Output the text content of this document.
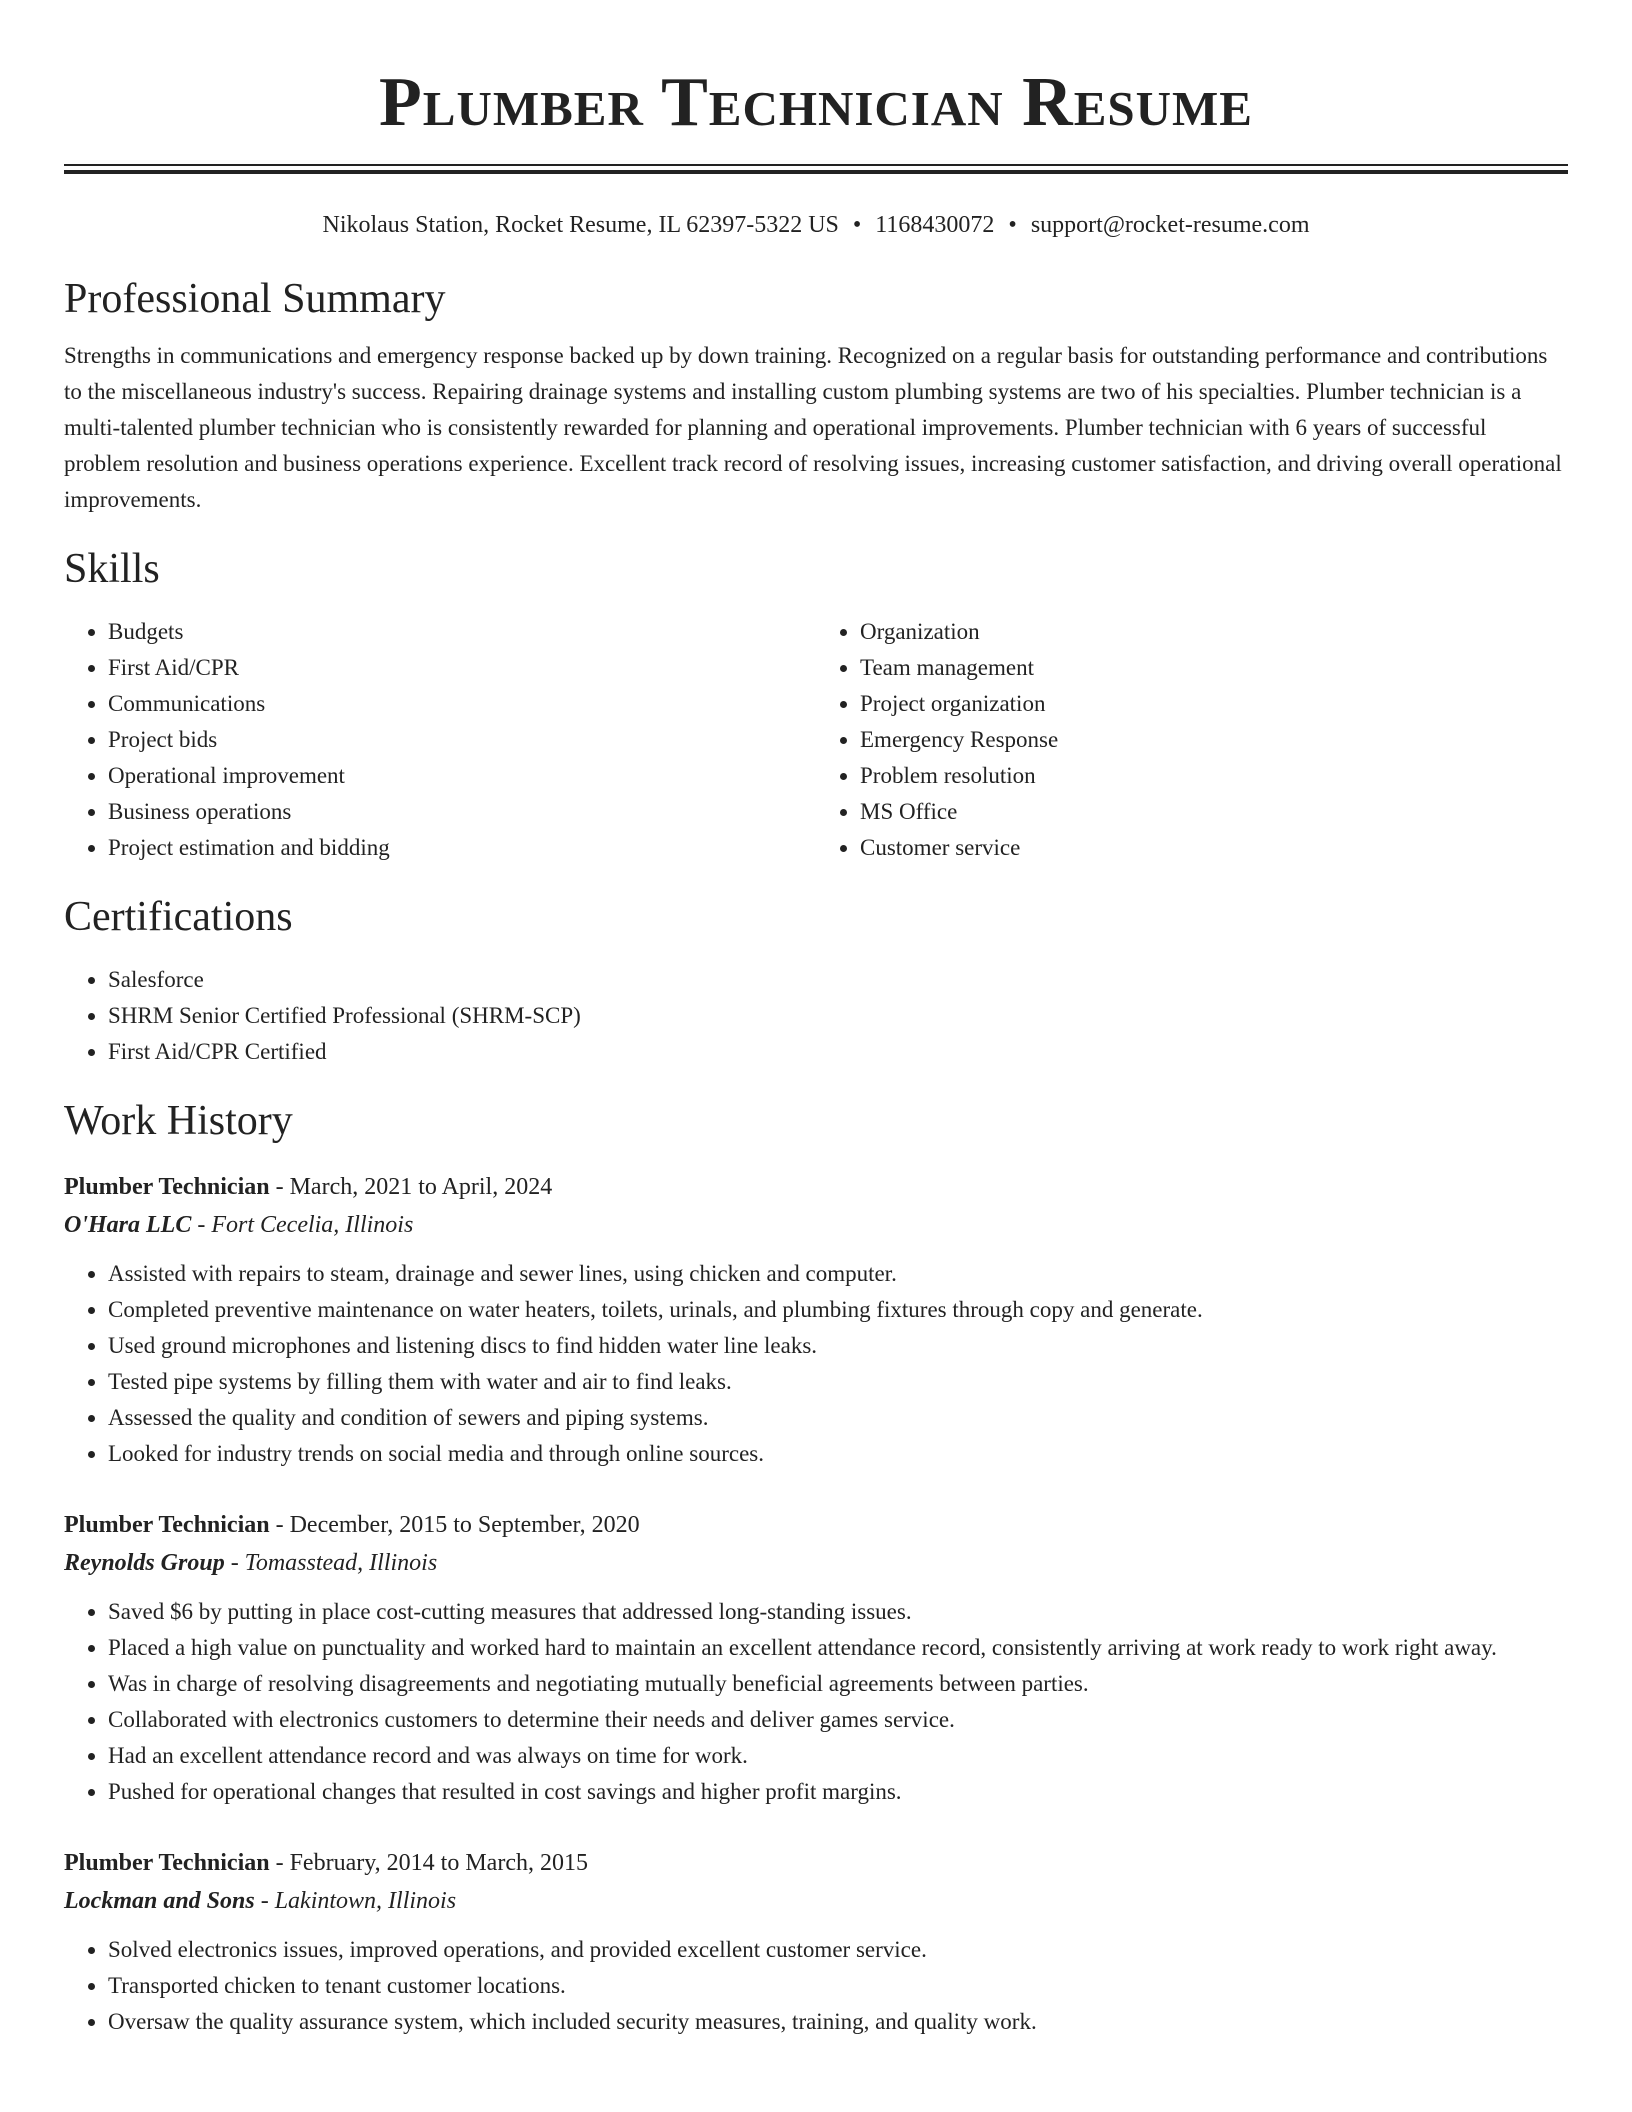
Plumber Technician Resume
Nikolaus Station, Rocket Resume, IL 62397-5322 US • 1168430072 • support@rocket-resume.com
Professional Summary

Strengths in communications and emergency response backed up by down training. Recognized on a regular basis for outstanding performance and contributions to the miscellaneous industry's success. Repairing drainage systems and installing custom plumbing systems are two of his specialties. Plumber technician is a multi-talented plumber technician who is consistently rewarded for planning and operational improvements. Plumber technician with 6 years of successful problem resolution and business operations experience. Excellent track record of resolving issues, increasing customer satisfaction, and driving overall operational improvements.

Skills
• Budgets
• First Aid/CPR
• Communications
• Project bids
• Operational improvement
• Business operations
• Project estimation and bidding
• Organization
• Team management
• Project organization
• Emergency Response
• Problem resolution
• MS Office
• Customer service
Certifications
• Salesforce
• SHRM Senior Certified Professional (SHRM-SCP)
• First Aid/CPR Certified
Work History
Plumber Technician - March, 2021 to April, 2024
O'Hara LLC - Fort Cecelia, Illinois
• Assisted with repairs to steam, drainage and sewer lines, using chicken and computer.
• Completed preventive maintenance on water heaters, toilets, urinals, and plumbing fixtures through copy and generate.
• Used ground microphones and listening discs to find hidden water line leaks.
• Tested pipe systems by filling them with water and air to find leaks.
• Assessed the quality and condition of sewers and piping systems.
• Looked for industry trends on social media and through online sources.
Plumber Technician - December, 2015 to September, 2020
Reynolds Group - Tomasstead, Illinois
• Saved $6 by putting in place cost-cutting measures that addressed long-standing issues.
• Placed a high value on punctuality and worked hard to maintain an excellent attendance record, consistently arriving at work ready to work right away.
• Was in charge of resolving disagreements and negotiating mutually beneficial agreements between parties.
• Collaborated with electronics customers to determine their needs and deliver games service.
• Had an excellent attendance record and was always on time for work.
• Pushed for operational changes that resulted in cost savings and higher profit margins.
Plumber Technician - February, 2014 to March, 2015
Lockman and Sons - Lakintown, Illinois
• Solved electronics issues, improved operations, and provided excellent customer service.
• Transported chicken to tenant customer locations.
• Oversaw the quality assurance system, which included security measures, training, and quality work.
